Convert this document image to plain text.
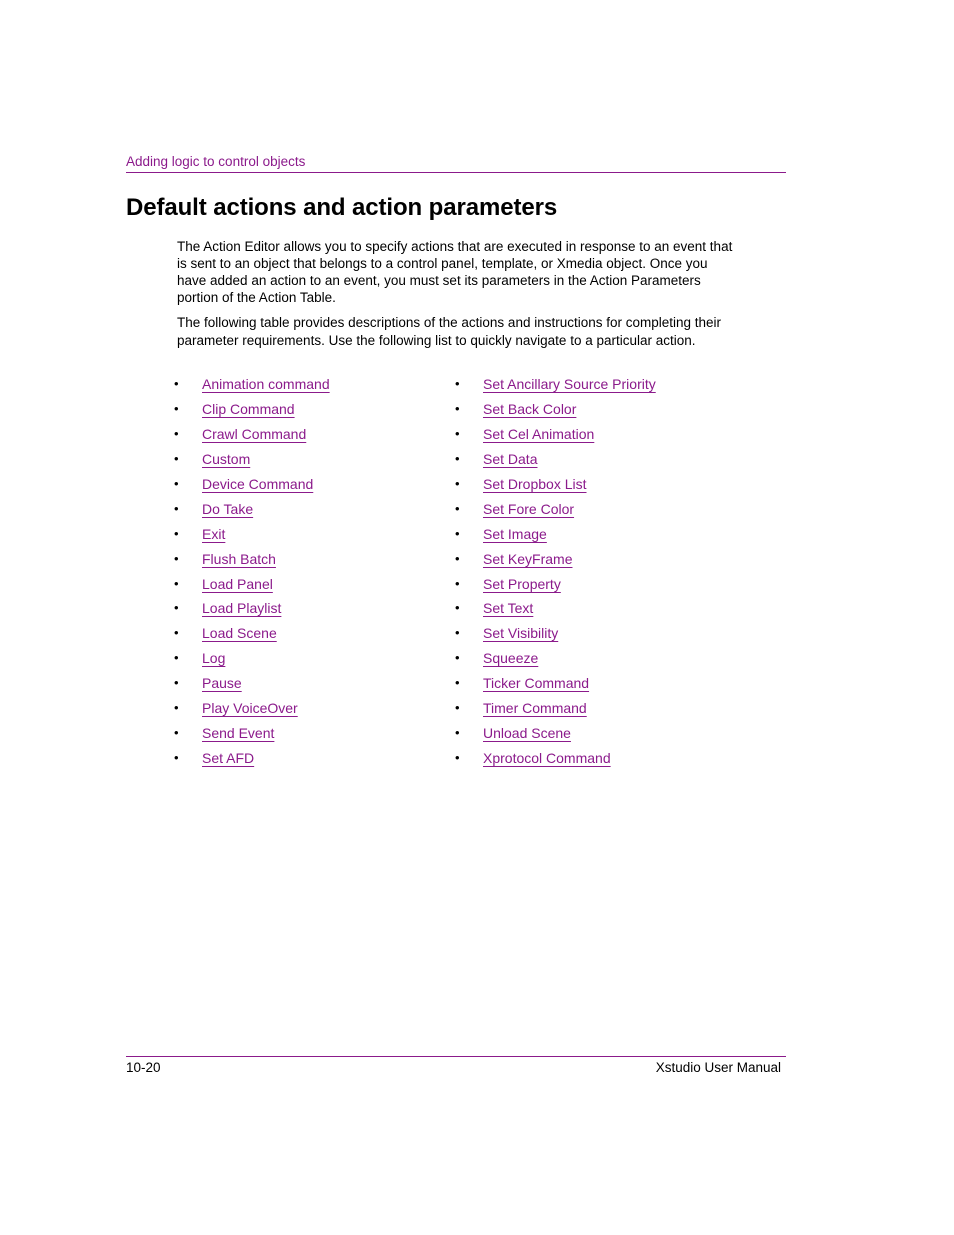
Adding logic to control objects
Default actions and action parameters

The Action Editor allows you to specify actions that are executed in response to an event that is sent to an object that belongs to a control panel, template, or Xmedia object. Once you have added an action to an event, you must set its parameters in the Action Parameters portion of the Action Table.

The following table provides descriptions of the actions and instructions for completing their parameter requirements. Use the following list to quickly navigate to a particular action.

• Animation command
• Clip Command
• Crawl Command
• Custom
• Device Command
• Do Take
• Exit
• Flush Batch
• Load Panel
• Load Playlist
• Load Scene
• Log
• Pause
• Play VoiceOver
• Send Event
• Set AFD
• Set Ancillary Source Priority
• Set Back Color
• Set Cel Animation
• Set Data
• Set Dropbox List
• Set Fore Color
• Set Image
• Set KeyFrame
• Set Property
• Set Text
• Set Visibility
• Squeeze
• Ticker Command
• Timer Command
• Unload Scene
• Xprotocol Command
10-20	Xstudio User Manual
